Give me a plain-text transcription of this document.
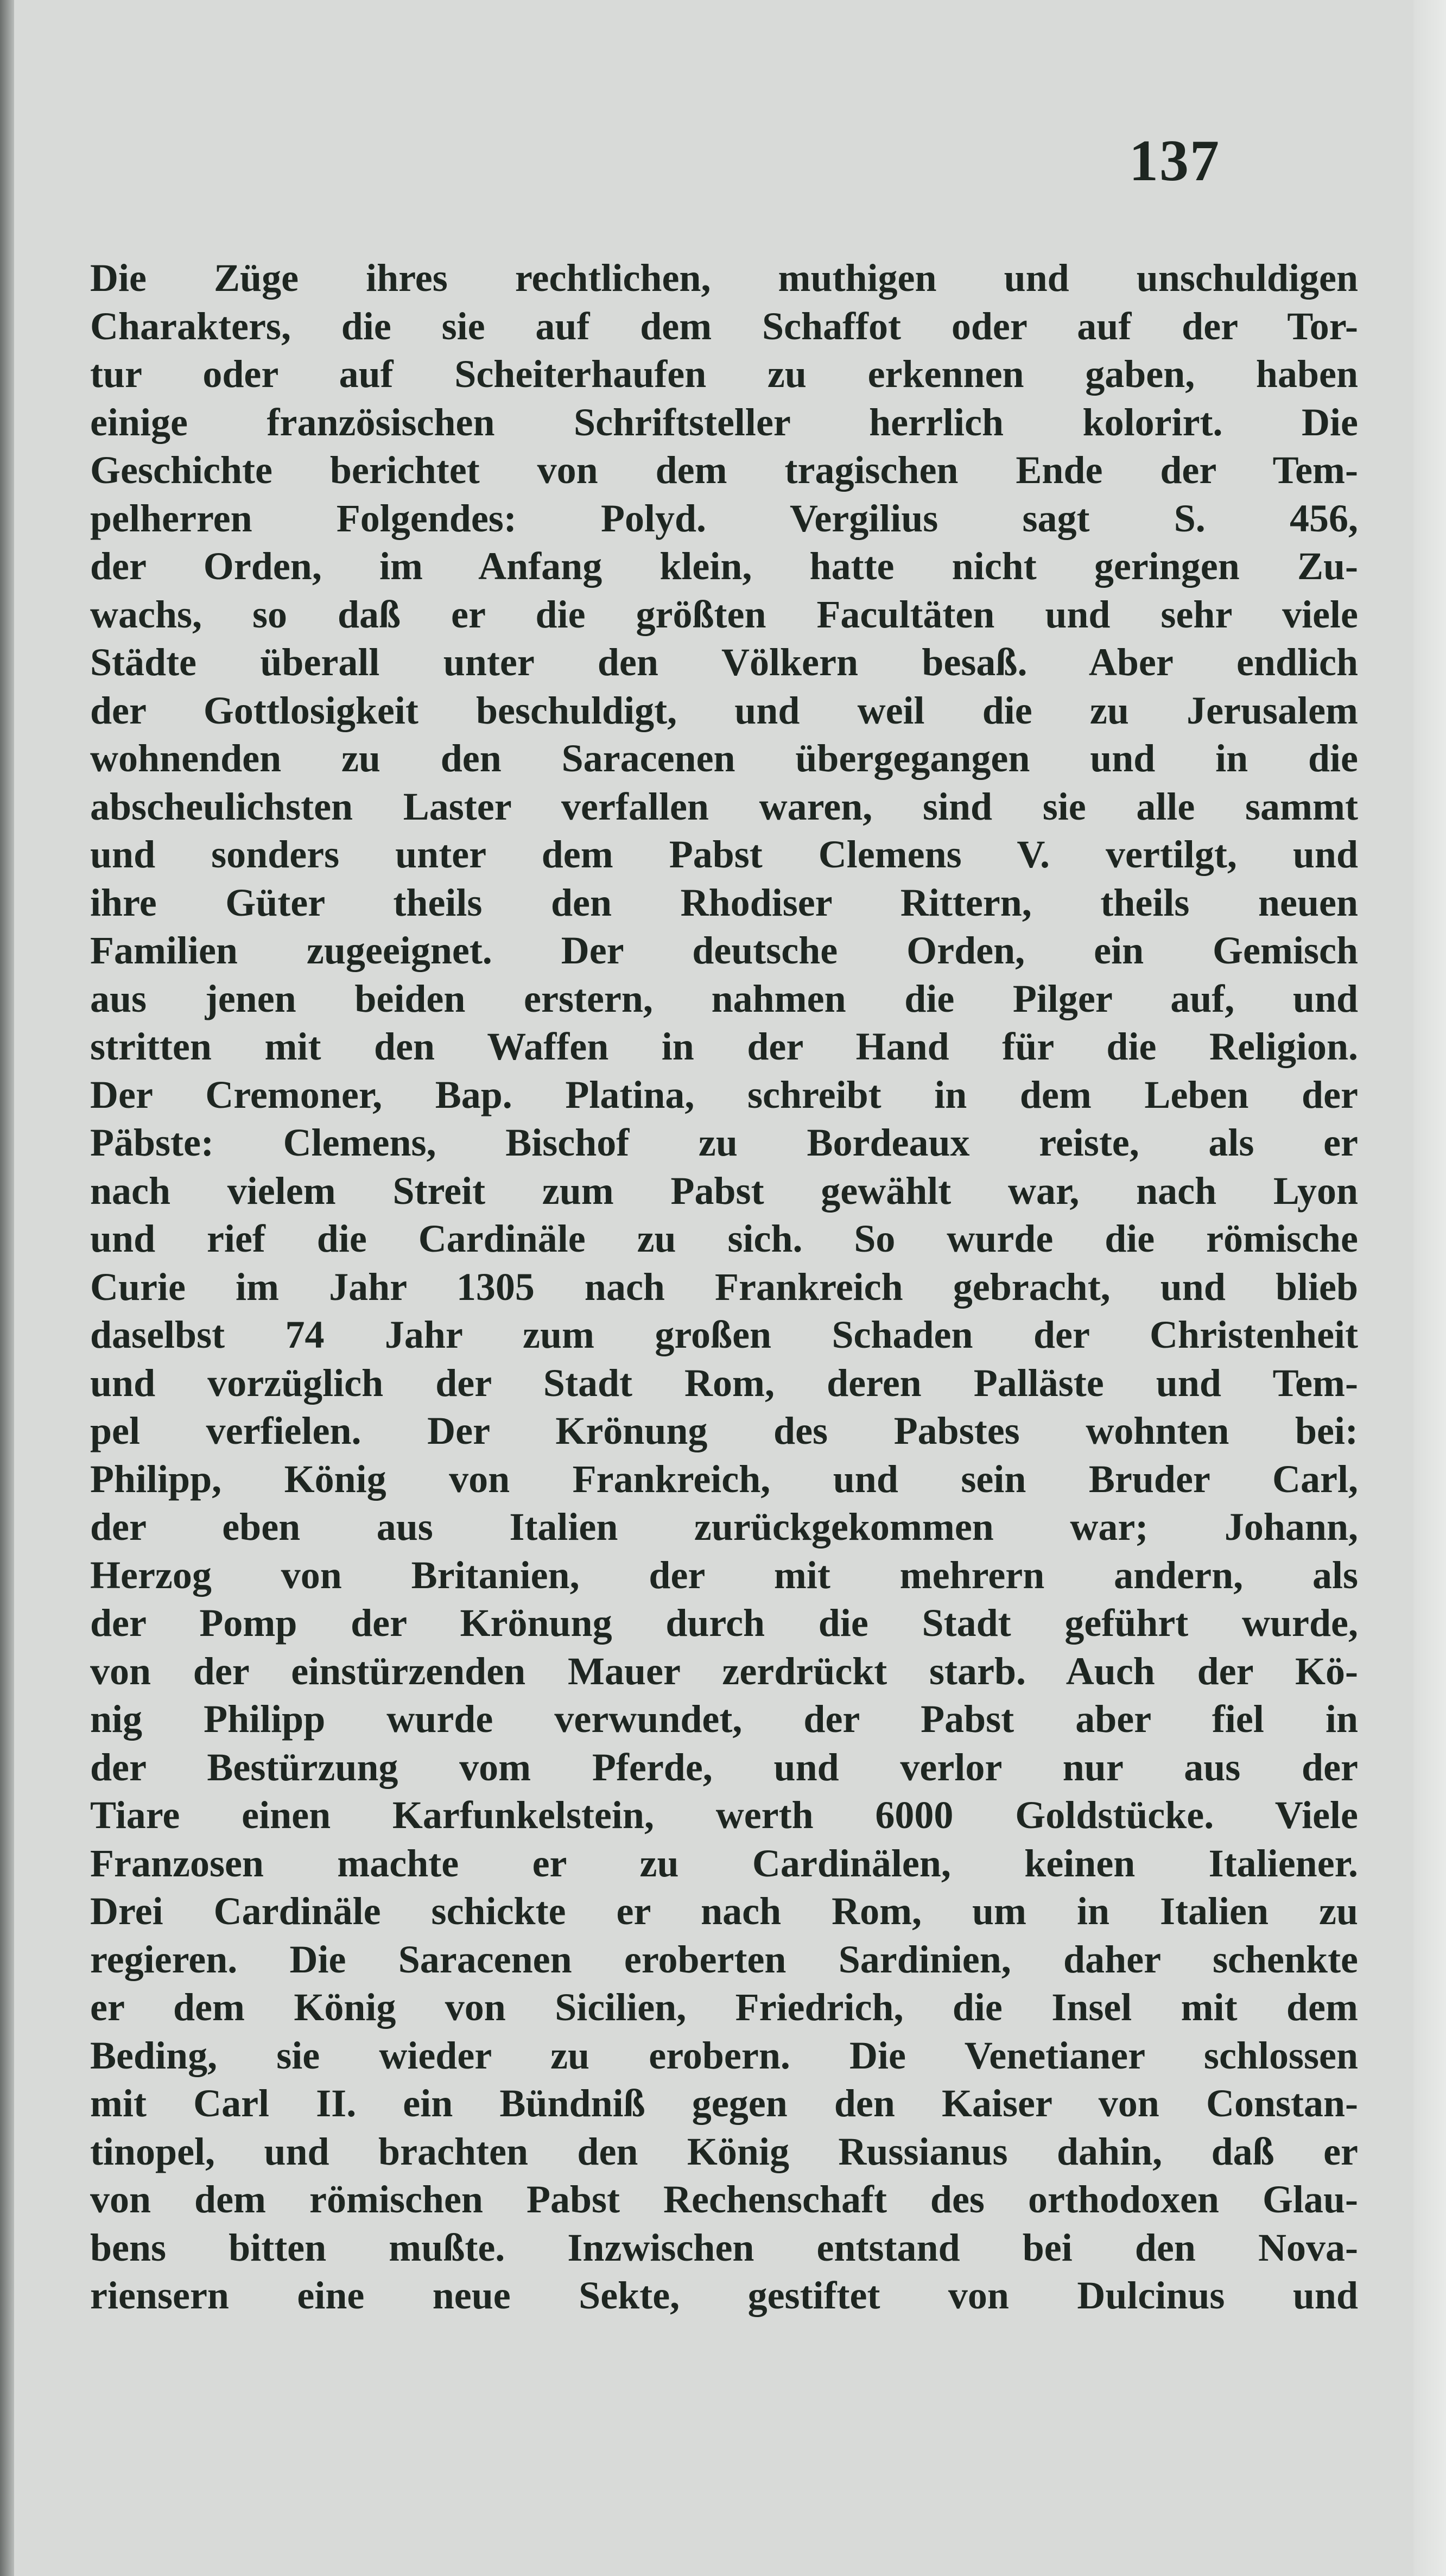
137
Die Züge ihres rechtlichen, muthigen und unschuldigen
Charakters, die sie auf dem Schaffot oder auf der Tor-
tur oder auf Scheiterhaufen zu erkennen gaben, haben
einige französischen Schriftsteller herrlich kolorirt. Die
Geschichte berichtet von dem tragischen Ende der Tem-
pelherren Folgendes: Polyd. Vergilius sagt S. 456,
der Orden, im Anfang klein, hatte nicht geringen Zu-
wachs, so daß er die größten Facultäten und sehr viele
Städte überall unter den Völkern besaß. Aber endlich
der Gottlosigkeit beschuldigt, und weil die zu Jerusalem
wohnenden zu den Saracenen übergegangen und in die
abscheulichsten Laster verfallen waren, sind sie alle sammt
und sonders unter dem Pabst Clemens V. vertilgt, und
ihre Güter theils den Rhodiser Rittern, theils neuen
Familien zugeeignet. Der deutsche Orden, ein Gemisch
aus jenen beiden erstern, nahmen die Pilger auf, und
stritten mit den Waffen in der Hand für die Religion.
Der Cremoner, Bap. Platina, schreibt in dem Leben der
Päbste: Clemens, Bischof zu Bordeaux reiste, als er
nach vielem Streit zum Pabst gewählt war, nach Lyon
und rief die Cardinäle zu sich. So wurde die römische
Curie im Jahr 1305 nach Frankreich gebracht, und blieb
daselbst 74 Jahr zum großen Schaden der Christenheit
und vorzüglich der Stadt Rom, deren Palläste und Tem-
pel verfielen. Der Krönung des Pabstes wohnten bei:
Philipp, König von Frankreich, und sein Bruder Carl,
der eben aus Italien zurückgekommen war; Johann,
Herzog von Britanien, der mit mehrern andern, als
der Pomp der Krönung durch die Stadt geführt wurde,
von der einstürzenden Mauer zerdrückt starb. Auch der Kö-
nig Philipp wurde verwundet, der Pabst aber fiel in
der Bestürzung vom Pferde, und verlor nur aus der
Tiare einen Karfunkelstein, werth 6000 Goldstücke. Viele
Franzosen machte er zu Cardinälen, keinen Italiener.
Drei Cardinäle schickte er nach Rom, um in Italien zu
regieren. Die Saracenen eroberten Sardinien, daher schenkte
er dem König von Sicilien, Friedrich, die Insel mit dem
Beding, sie wieder zu erobern. Die Venetianer schlossen
mit Carl II. ein Bündniß gegen den Kaiser von Constan-
tinopel, und brachten den König Russianus dahin, daß er
von dem römischen Pabst Rechenschaft des orthodoxen Glau-
bens bitten mußte. Inzwischen entstand bei den Nova-
riensern eine neue Sekte, gestiftet von Dulcinus und
